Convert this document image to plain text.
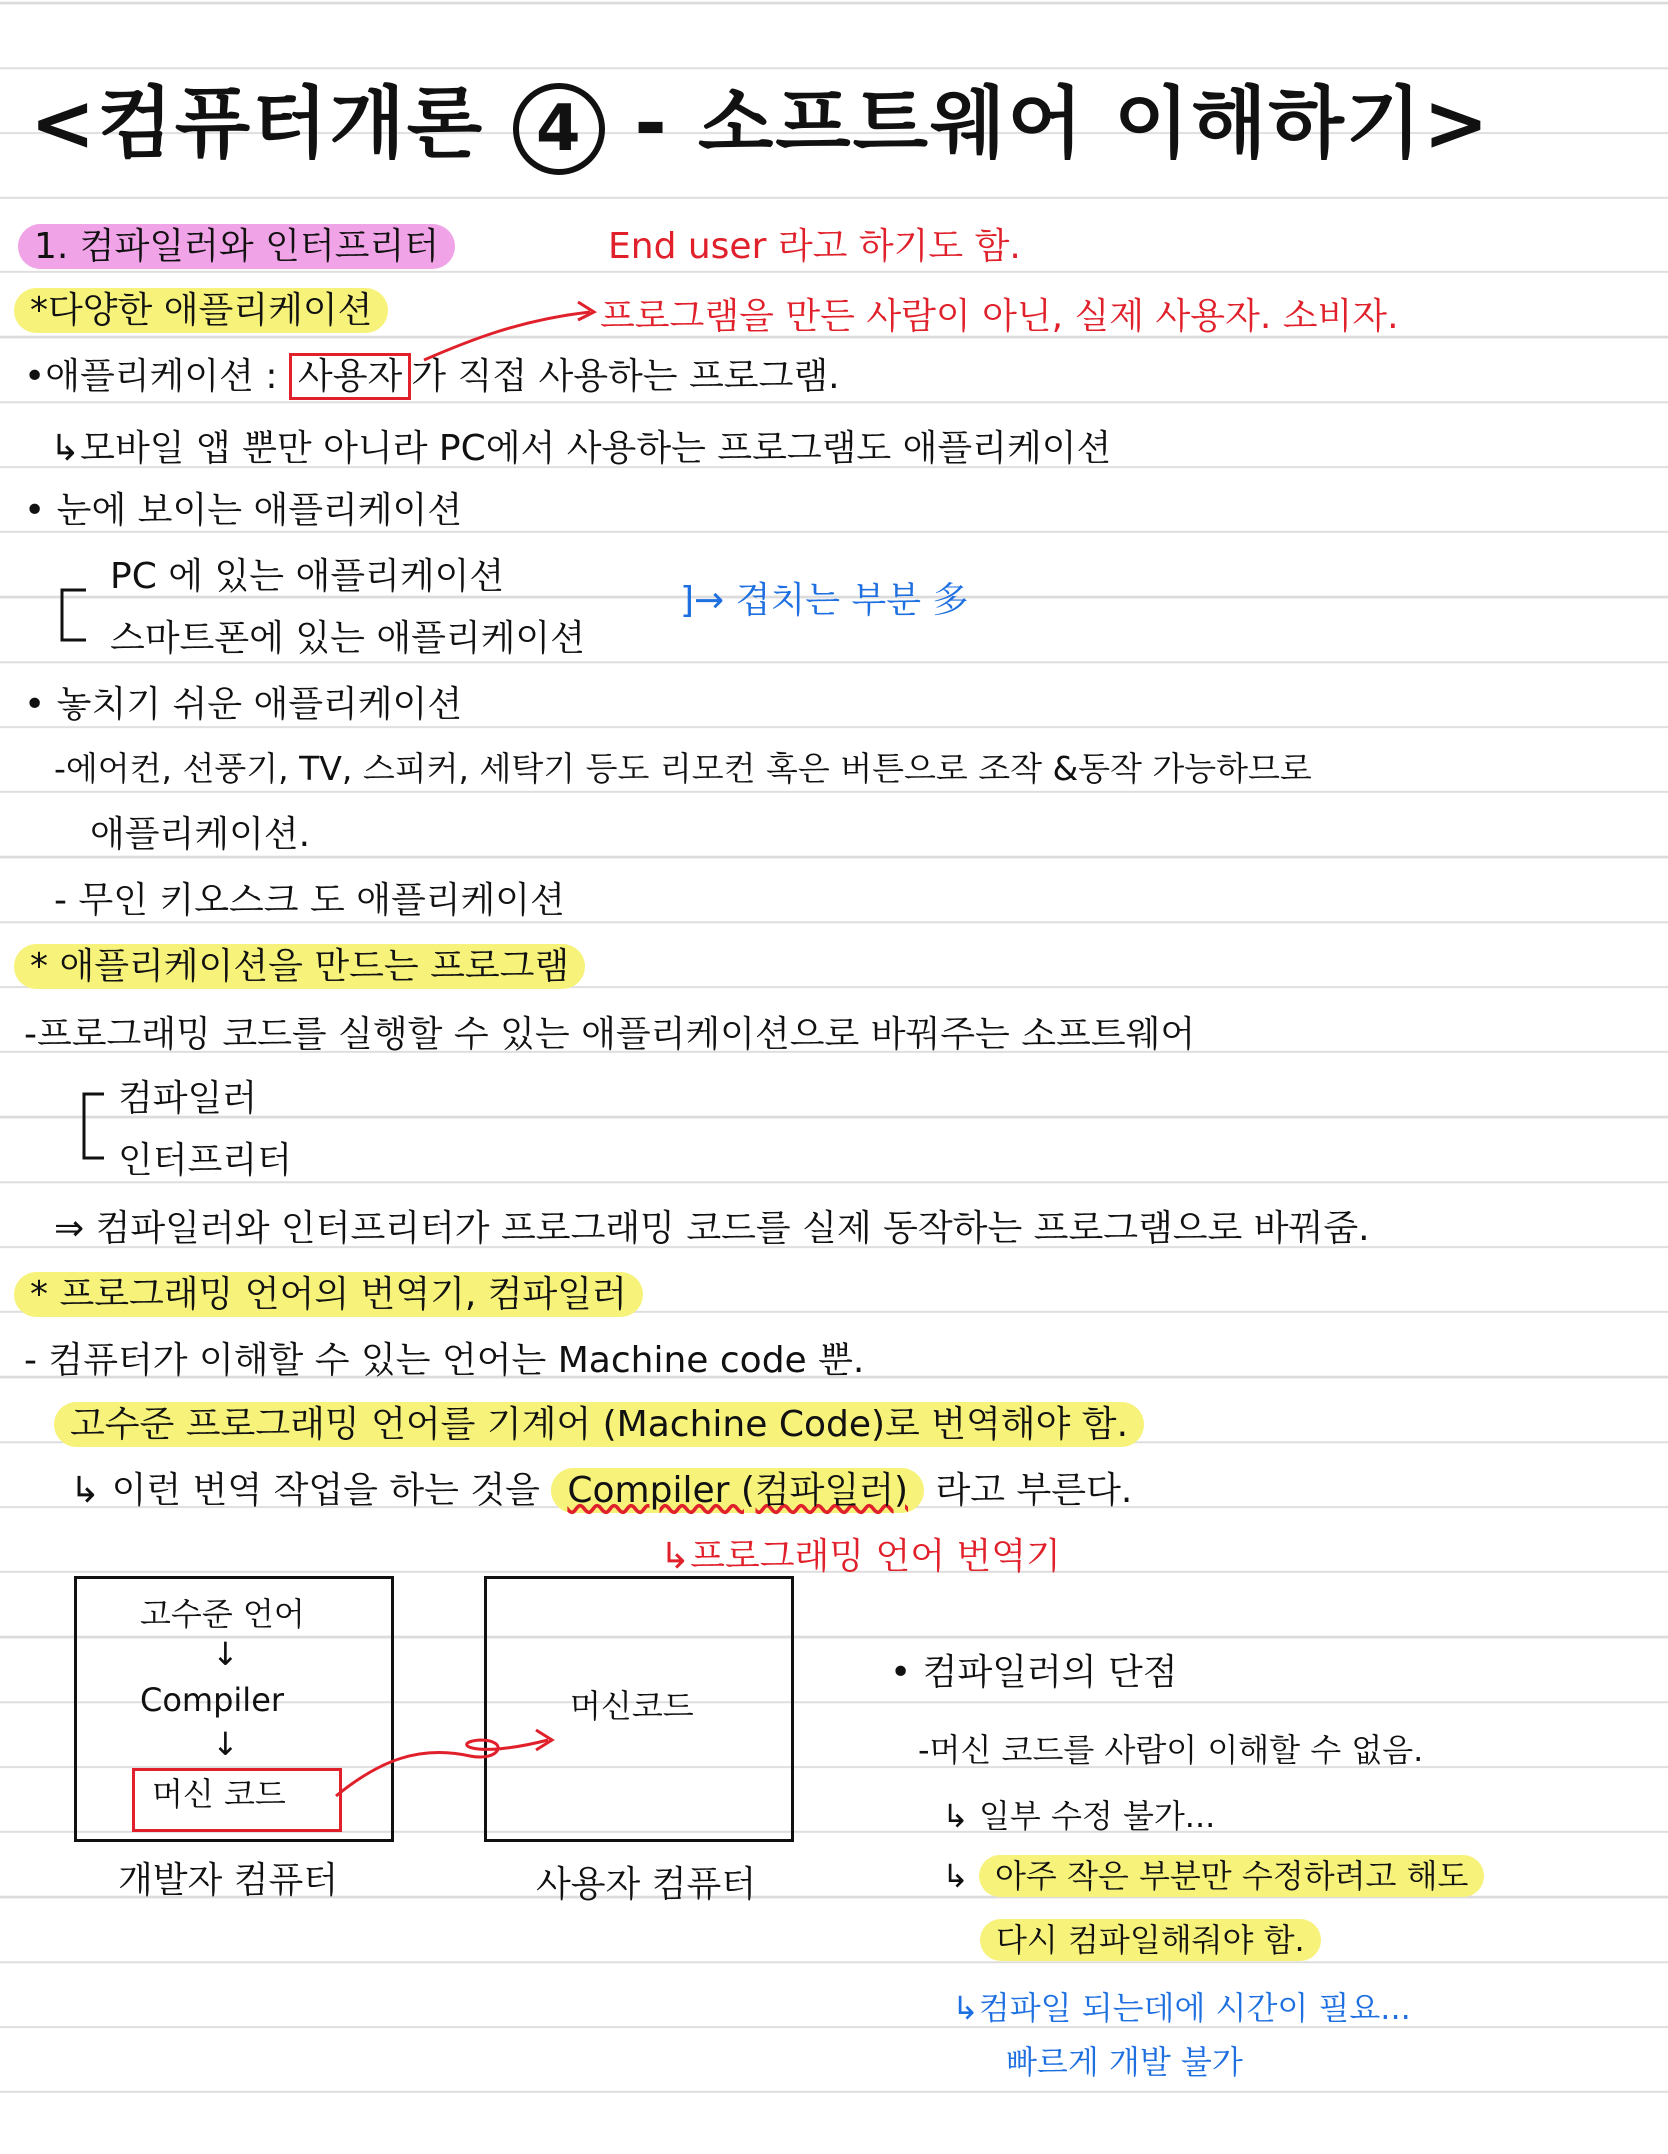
<컴퓨터개론 4 - 소프트웨어 이해하기>
1. 컴파일러와 인터프리터	End user 라고 하기도 함.
*다양한 애플리케이션	프로그램을 만든 사람이 아닌, 실제 사용자. 소비자.
•애플리케이션 : 사용자 가 직접 사용하는 프로그램.
↳모바일 앱 뿐만 아니라 PC에서 사용하는 프로그램도 애플리케이션
• 눈에 보이는 애플리케이션
PC 에 있는 애플리케이션
스마트폰에 있는 애플리케이션
]→ 겹치는 부분 多
• 놓치기 쉬운 애플리케이션
-에어컨, 선풍기, TV, 스피커, 세탁기 등도 리모컨 혹은 버튼으로 조작 &동작 가능하므로
애플리케이션.
- 무인 키오스크 도 애플리케이션
* 애플리케이션을 만드는 프로그램
-프로그래밍 코드를 실행할 수 있는 애플리케이션으로 바꿔주는 소프트웨어
컴파일러
인터프리터
⇒ 컴파일러와 인터프리터가 프로그래밍 코드를 실제 동작하는 프로그램으로 바꿔줌.
* 프로그래밍 언어의 번역기, 컴파일러
- 컴퓨터가 이해할 수 있는 언어는 Machine code 뿐.
고수준 프로그래밍 언어를 기계어 (Machine Code)로 번역해야 함.
↳ 이런 번역 작업을 하는 것을 Compiler (컴파일러) 라고 부른다.
↳프로그래밍 언어 번역기
고수준 언어
↓
Compiler
↓
머신 코드
개발자 컴퓨터
머신코드
사용자 컴퓨터
• 컴파일러의 단점
-머신 코드를 사람이 이해할 수 없음.
↳ 일부 수정 불가...
↳ 아주 작은 부분만 수정하려고 해도
다시 컴파일해줘야 함.
↳컴파일 되는데에 시간이 필요...
빠르게 개발 불가
